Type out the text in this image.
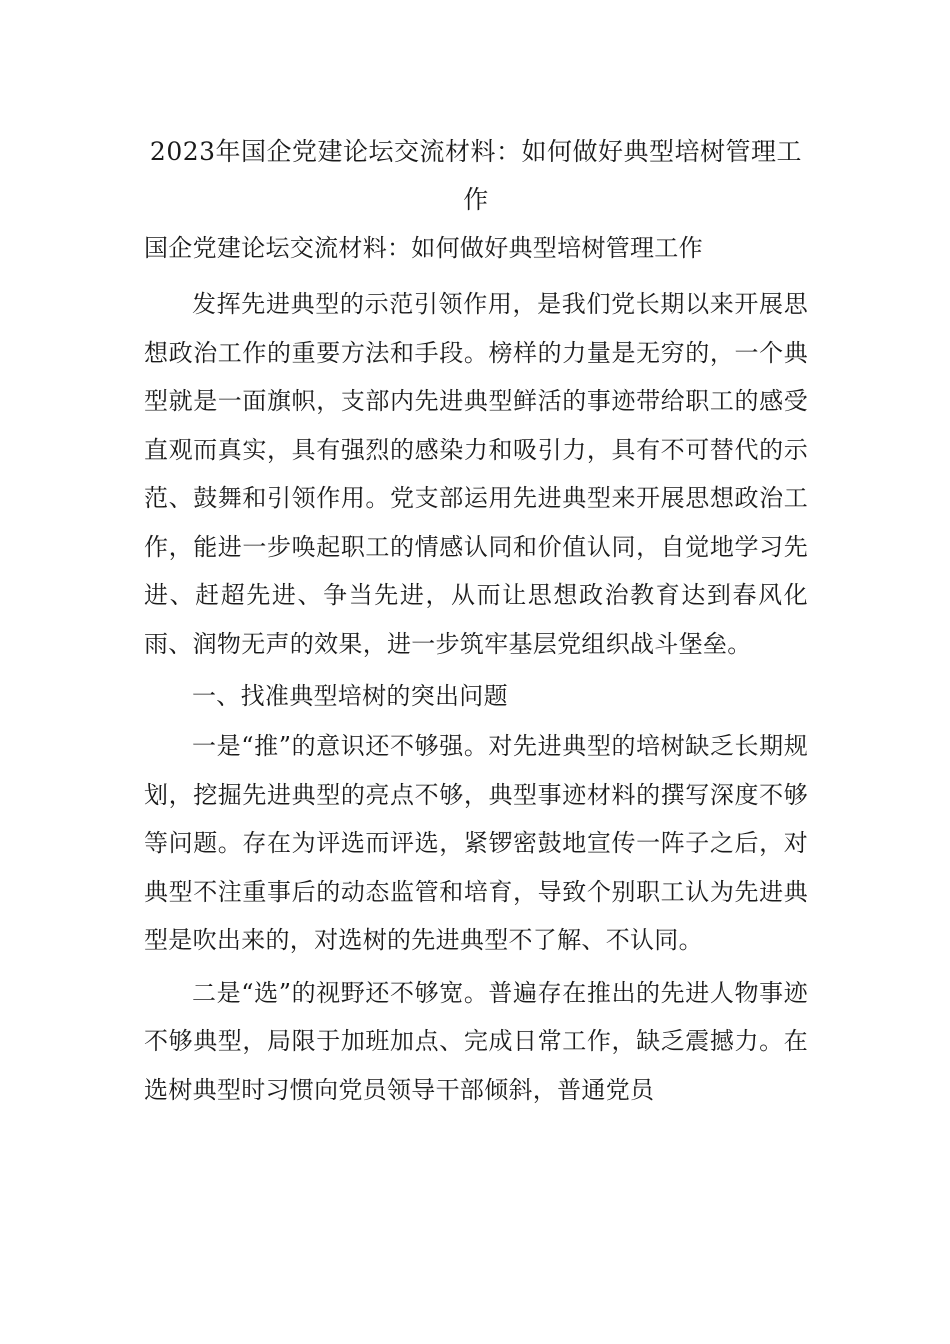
2023年国企党建论坛交流材料：如何做好典型培树管理工作

国企党建论坛交流材料：如何做好典型培树管理工作

发挥先进典型的示范引领作用，是我们党长期以来开展思想政治工作的重要方法和手段。榜样的力量是无穷的，一个典型就是一面旗帜，支部内先进典型鲜活的事迹带给职工的感受直观而真实，具有强烈的感染力和吸引力，具有不可替代的示范、鼓舞和引领作用。党支部运用先进典型来开展思想政治工作，能进一步唤起职工的情感认同和价值认同，自觉地学习先进、赶超先进、争当先进，从而让思想政治教育达到春风化雨、润物无声的效果，进一步筑牢基层党组织战斗堡垒。

一、找准典型培树的突出问题

一是“推”的意识还不够强。对先进典型的培树缺乏长期规划，挖掘先进典型的亮点不够，典型事迹材料的撰写深度不够等问题。存在为评选而评选，紧锣密鼓地宣传一阵子之后，对典型不注重事后的动态监管和培育，导致个别职工认为先进典型是吹出来的，对选树的先进典型不了解、不认同。

二是“选”的视野还不够宽。普遍存在推出的先进人物事迹不够典型，局限于加班加点、完成日常工作，缺乏震撼力。在选树典型时习惯向党员领导干部倾斜，普通党员
